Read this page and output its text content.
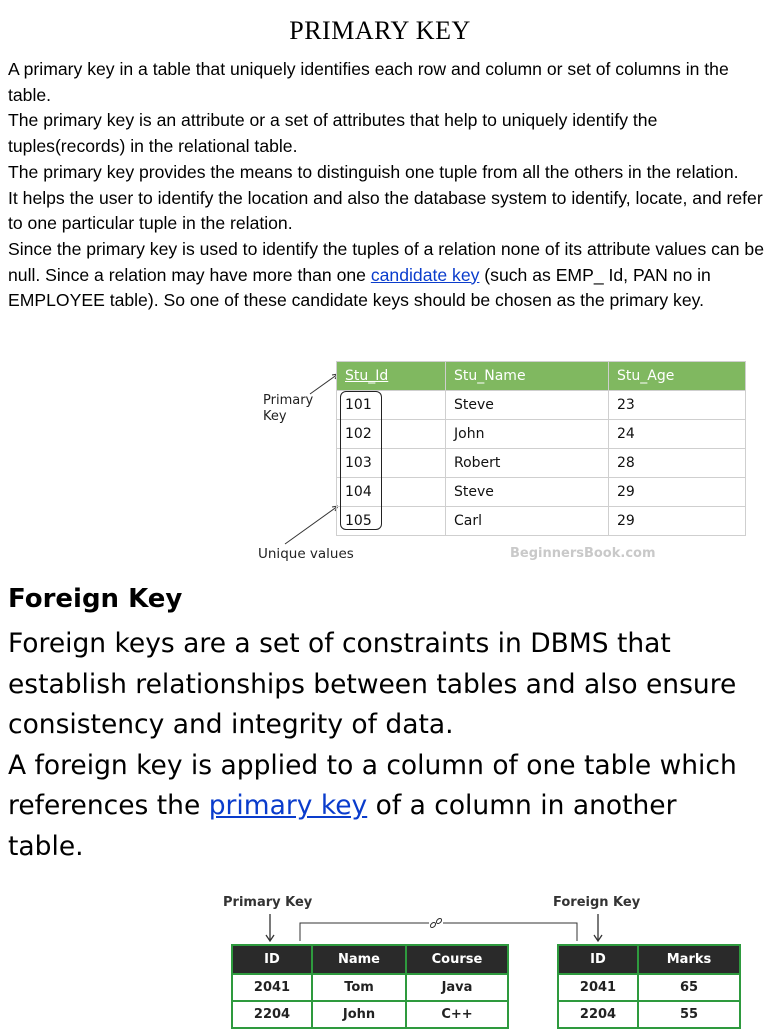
PRIMARY KEY

A primary key in a table that uniquely identifies each row and column or set of columns in the table.

The primary key is an attribute or a set of attributes that help to uniquely identify the tuples(records) in the relational table.

The primary key provides the means to distinguish one tuple from all the others in the relation.

It helps the user to identify the location and also the database system to identify, locate, and refer to one particular tuple in the relation.

Since the primary key is used to identify the tuples of a relation none of its attribute values can be null. Since a relation may have more than one candidate key (such as EMP_ Id, PAN no in EMPLOYEE table). So one of these candidate keys should be chosen as the primary key.

Primary
Key
Stu_Id	Stu_Name	Stu_Age
101	Steve	23
102	John	24
103	Robert	28
104	Steve	29
105	Carl	29
Unique values	BeginnersBook.com
Foreign Key

Foreign keys are a set of constraints in DBMS that establish relationships between tables and also ensure consistency and integrity of data.

A foreign key is applied to a column of one table which references the primary key of a column in another table.

Primary Key	Foreign Key
ID	Name	Course
2041	Tom	Java
2204	John	C++
ID	Marks
2041	65
2204	55
